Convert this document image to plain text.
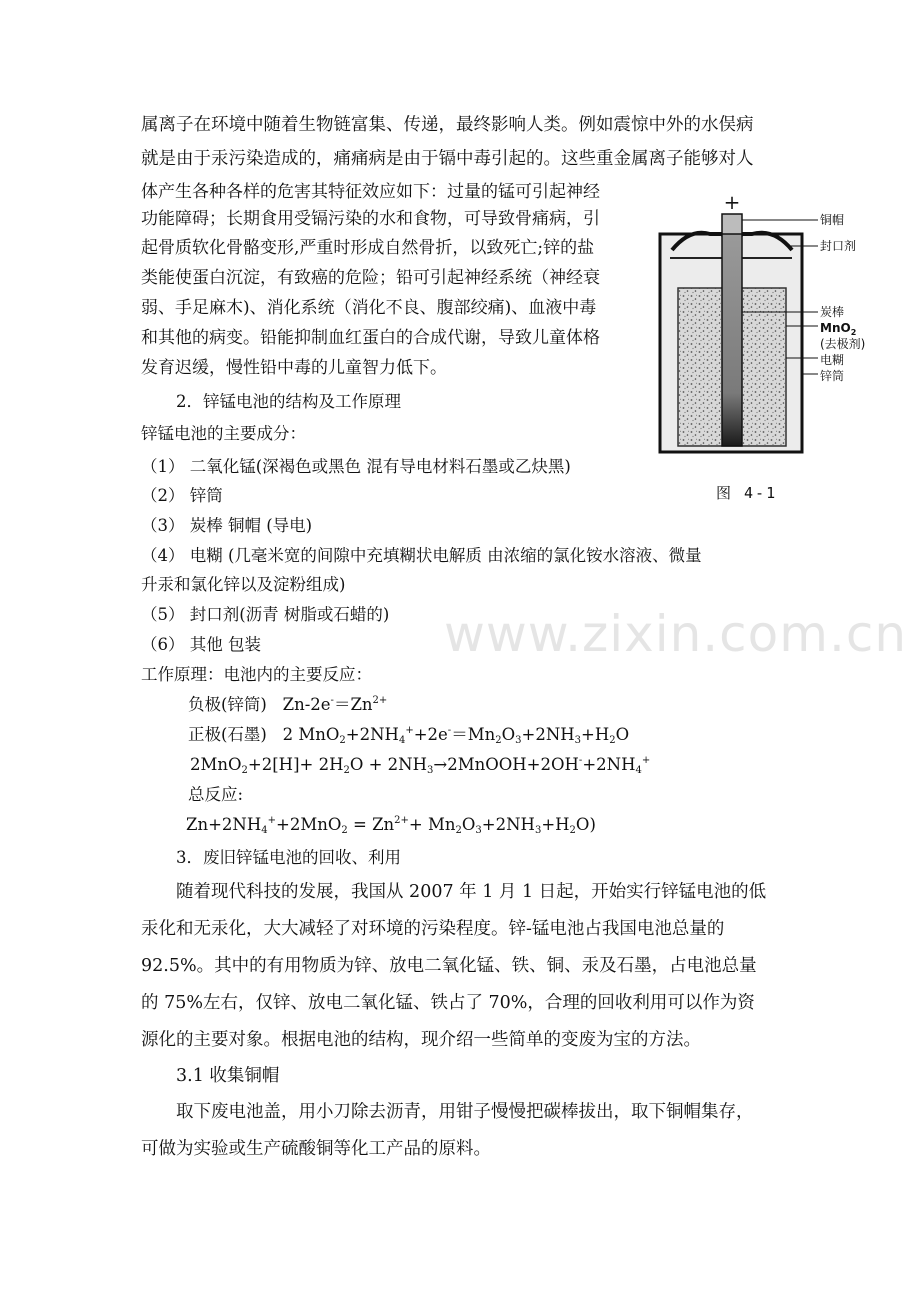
属离子在环境中随着生物链富集、传递，最终影响人类。例如震惊中外的水俣病
就是由于汞污染造成的，痛痛病是由于镉中毒引起的。这些重金属离子能够对人
体产生各种各样的危害其特征效应如下：过量的锰可引起神经
功能障碍；长期食用受镉污染的水和食物，可导致骨痛病，引
起骨质软化骨骼变形,严重时形成自然骨折，以致死亡;锌的盐
类能使蛋白沉淀，有致癌的危险；铅可引起神经系统（神经衰
弱、手足麻木)、消化系统（消化不良、腹部绞痛)、血液中毒
和其他的病变。铅能抑制血红蛋白的合成代谢，导致儿童体格
发育迟缓，慢性铅中毒的儿童智力低下。
2．锌锰电池的结构及工作原理
锌锰电池的主要成分：
（1） 二氧化锰(深褐色或黑色 混有导电材料石墨或乙炔黑)
（2） 锌筒
（3） 炭棒 铜帽 (导电)
（4） 电糊 (几毫米宽的间隙中充填糊状电解质 由浓缩的氯化铵水溶液、微量
升汞和氯化锌以及淀粉组成)
（5） 封口剂(沥青 树脂或石蜡的)
（6） 其他 包装
工作原理：电池内的主要反应：
负极(锌筒)   $Zn-2e^-=Zn^{2+}$
正极(石墨)   2 $MnO_2+2NH_4^++2e^-=Mn_2O_3+2NH_3+H_2O$
$2MnO_2+2[H]+ 2H_2O$ + $2NH_3\to 2MnOOH+2OH^-+2NH_4^+$
总反应:
$Zn+2NH_4^++2MnO_2 = Zn^{2+}+ Mn_2O_3+2NH_3+H_2O$)
3．废旧锌锰电池的回收、利用
随着现代科技的发展，我国从 2007 年 1 月 1 日起，开始实行锌锰电池的低
汞化和无汞化，大大减轻了对环境的污染程度。锌-锰电池占我国电池总量的
92.5%。其中的有用物质为锌、放电二氧化锰、铁、铜、汞及石墨，占电池总量
的 75%左右，仅锌、放电二氧化锰、铁占了 70%，合理的回收利用可以作为资
源化的主要对象。根据电池的结构，现介绍一些简单的变废为宝的方法。
3.1 收集铜帽
取下废电池盖，用小刀除去沥青，用钳子慢慢把碳棒拔出，取下铜帽集存，
可做为实验或生产硫酸铜等化工产品的原料。
+
铜帽
封口剂
炭棒
MnO$_2$
(去极剂)
电糊
锌筒
图 4-1
www.zixin.com.cn
